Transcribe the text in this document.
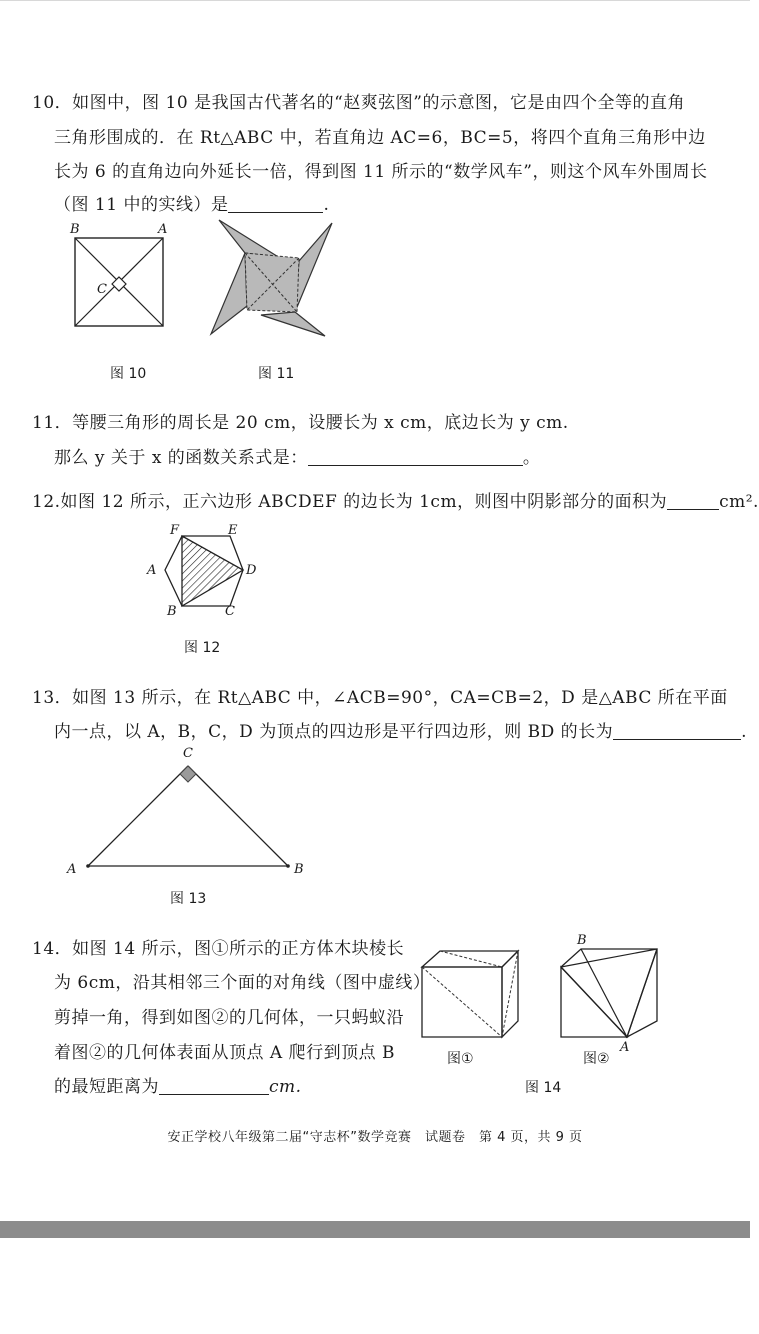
10．如图中，图 10 是我国古代著名的“赵爽弦图”的示意图，它是由四个全等的直角
三角形围成的．在 Rt△ABC 中，若直角边 AC=6，BC=5，将四个直角三角形中边
长为 6 的直角边向外延长一倍，得到图 11 所示的“数学风车”，则这个风车外围周长
（图 11 中的实线）是	.
B	A
C
图 10	图 11
11．等腰三角形的周长是 20 cm，设腰长为 x cm，底边长为 y cm.
那么 y 关于 x 的函数关系式是：	。
12.如图 12 所示，正六边形 ABCDEF 的边长为 1cm，则图中阴影部分的面积为	cm².
F	E
A	D
B	C
图 12
13．如图 13 所示，在 Rt△ABC 中，∠ACB=90°，CA=CB=2，D 是△ABC 所在平面
内一点，以 A，B，C，D 为顶点的四边形是平行四边形，则 BD 的长为	.
C
A	B
图 13
14．如图 14 所示，图①所示的正方体木块棱长
为 6cm，沿其相邻三个面的对角线（图中虚线）
剪掉一角，得到如图②的几何体，一只蚂蚁沿
着图②的几何体表面从顶点 A 爬行到顶点 B
的最短距离为	cm.
图①
B
A
图②
图 14
安正学校八年级第二届“守志杯”数学竞赛　试题卷　第 4 页，共 9 页
